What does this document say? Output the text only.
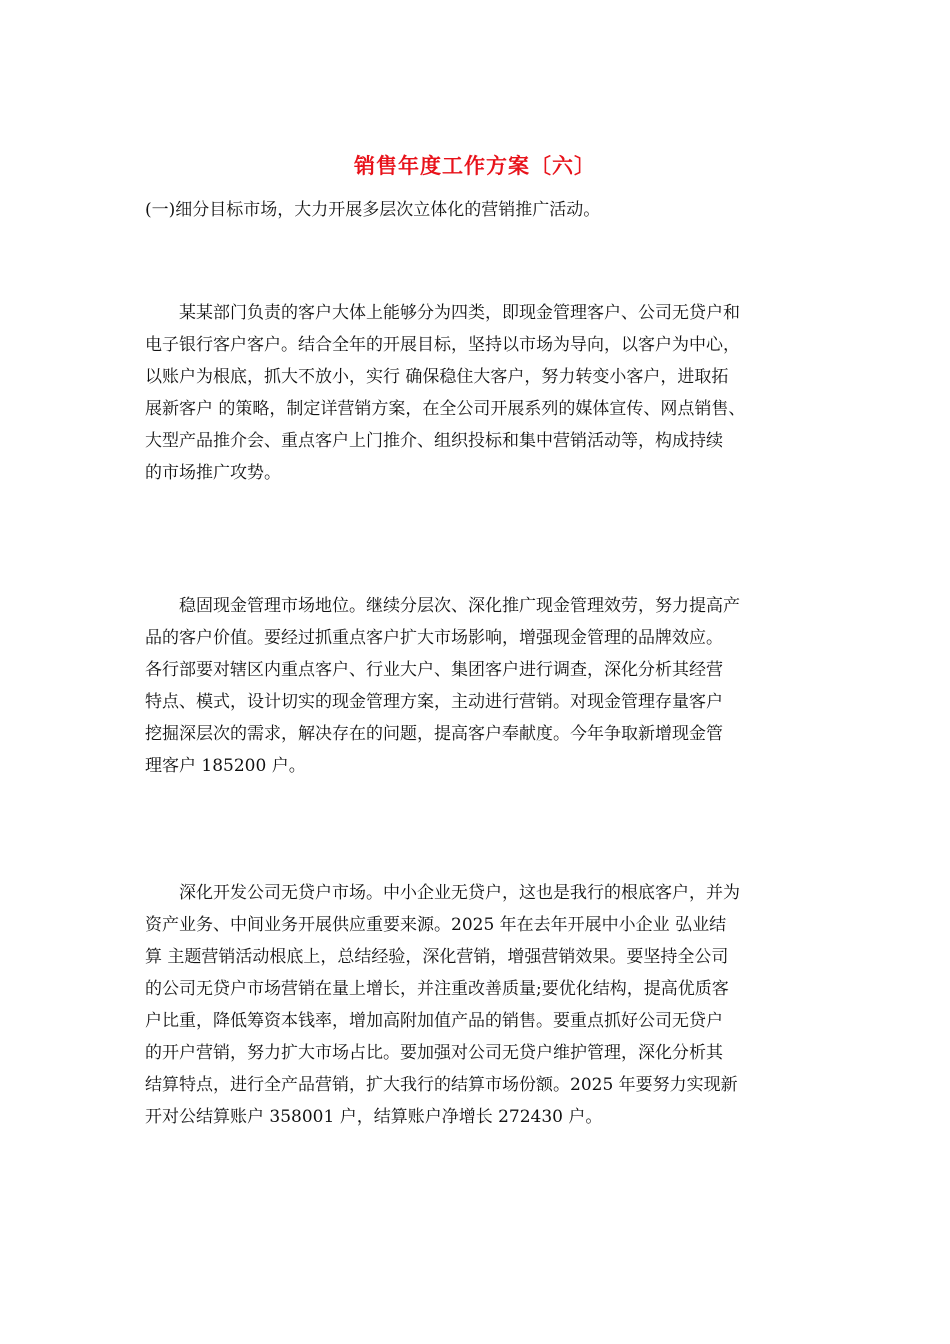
销售年度工作方案〔六〕
(一)细分目标市场，大力开展多层次立体化的营销推广活动。
某某部门负责的客户大体上能够分为四类，即现金管理客户、公司无贷户和
电子银行客户客户。结合全年的开展目标，坚持以市场为导向，以客户为中心，
以账户为根底，抓大不放小，实行 确保稳住大客户，努力转变小客户，进取拓
展新客户 的策略，制定详营销方案，在全公司开展系列的媒体宣传、网点销售、
大型产品推介会、重点客户上门推介、组织投标和集中营销活动等，构成持续
的市场推广攻势。
稳固现金管理市场地位。继续分层次、深化推广现金管理效劳，努力提高产
品的客户价值。要经过抓重点客户扩大市场影响，增强现金管理的品牌效应。
各行部要对辖区内重点客户、行业大户、集团客户进行调查，深化分析其经营
特点、模式，设计切实的现金管理方案，主动进行营销。对现金管理存量客户
挖掘深层次的需求，解决存在的问题，提高客户奉献度。今年争取新增现金管
理客户 185200 户。
深化开发公司无贷户市场。中小企业无贷户，这也是我行的根底客户，并为
资产业务、中间业务开展供应重要来源。2025 年在去年开展中小企业 弘业结
算 主题营销活动根底上，总结经验，深化营销，增强营销效果。要坚持全公司
的公司无贷户市场营销在量上增长，并注重改善质量;要优化结构，提高优质客
户比重，降低筹资本钱率，增加高附加值产品的销售。要重点抓好公司无贷户
的开户营销，努力扩大市场占比。要加强对公司无贷户维护管理，深化分析其
结算特点，进行全产品营销，扩大我行的结算市场份额。2025 年要努力实现新
开对公结算账户 358001 户，结算账户净增长 272430 户。
